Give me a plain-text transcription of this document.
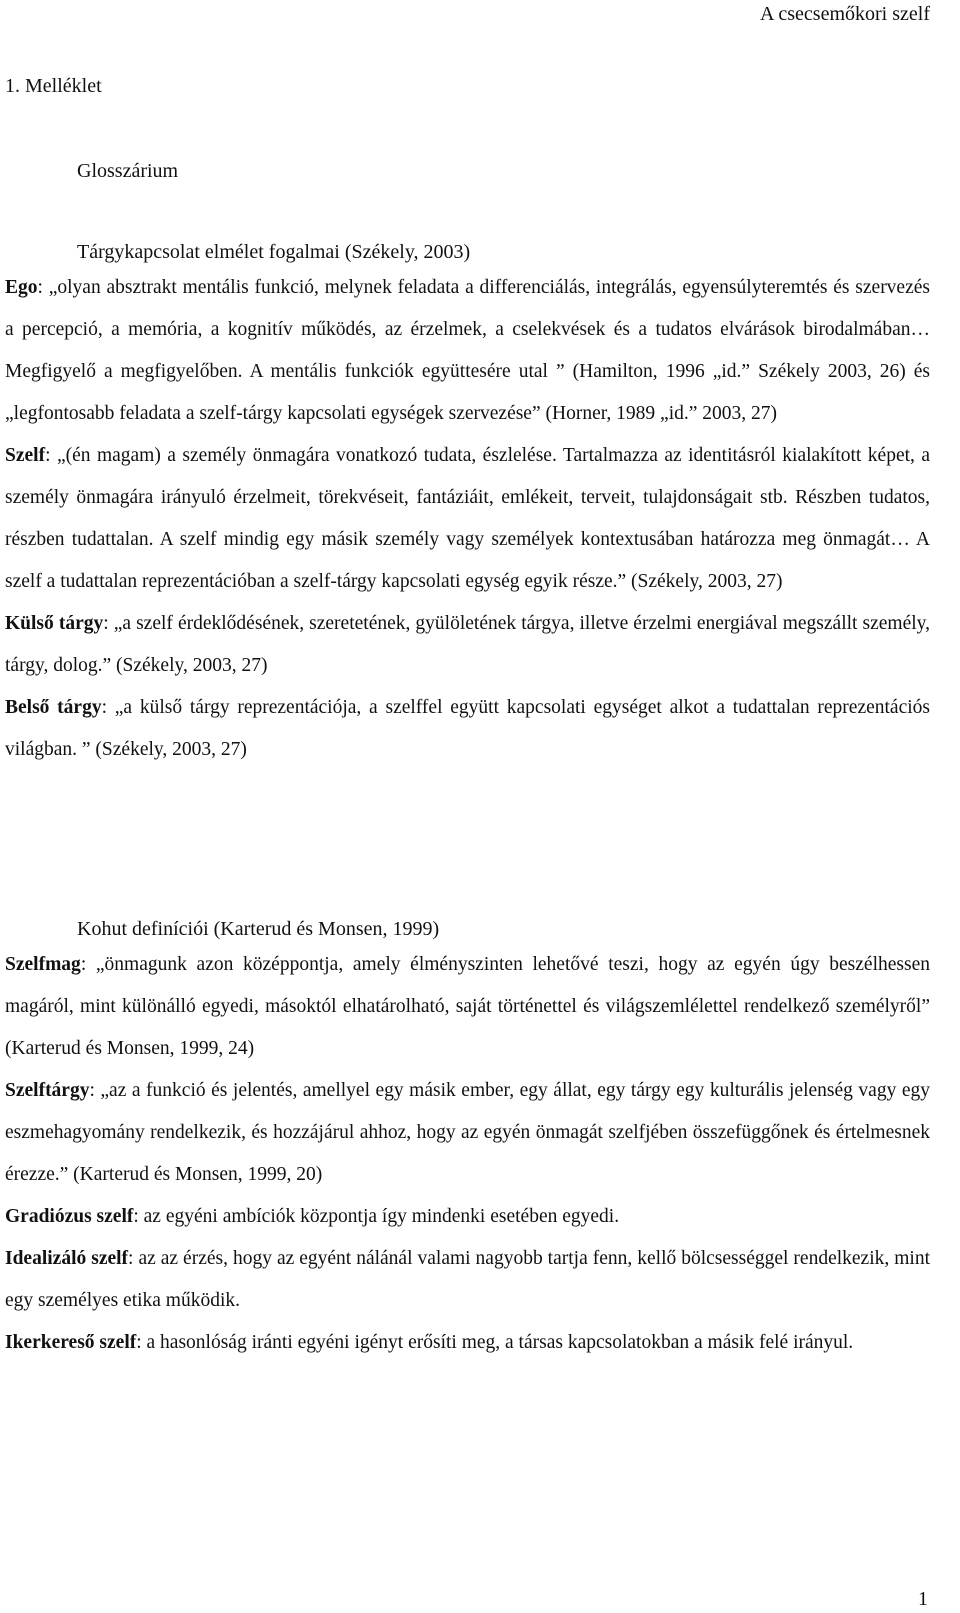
A csecsemőkori szelf
1. Melléklet
Glosszárium
Tárgykapcsolat elmélet fogalmai (Székely, 2003)

Ego: „olyan absztrakt mentális funkció, melynek feladata a differenciálás, integrálás, egyensúlyteremtés és szervezés a percepció, a memória, a kognitív működés, az érzelmek, a cselekvések és a tudatos elvárások birodalmában… Megfigyelő a megfigyelőben. A mentális funkciók együttesére utal ” (Hamilton, 1996 „id.” Székely 2003, 26) és „legfontosabb feladata a szelf-tárgy kapcsolati egységek szervezése” (Horner, 1989 „id.” 2003, 27)

Szelf: „(én magam) a személy önmagára vonatkozó tudata, észlelése. Tartalmazza az identitásról kialakított képet, a személy önmagára irányuló érzelmeit, törekvéseit, fantáziáit, emlékeit, terveit, tulajdonságait stb. Részben tudatos, részben tudattalan. A szelf mindig egy másik személy vagy személyek kontextusában határozza meg önmagát… A szelf a tudattalan reprezentációban a szelf-tárgy kapcsolati egység egyik része.” (Székely, 2003, 27)

Külső tárgy: „a szelf érdeklődésének, szeretetének, gyülöletének tárgya, illetve érzelmi energiával megszállt személy, tárgy, dolog.” (Székely, 2003, 27)

Belső tárgy: „a külső tárgy reprezentációja, a szelffel együtt kapcsolati egységet alkot a tudattalan reprezentációs világban. ” (Székely, 2003, 27)

Kohut definíciói (Karterud és Monsen, 1999)

Szelfmag: „önmagunk azon középpontja, amely élményszinten lehetővé teszi, hogy az egyén úgy beszélhessen magáról, mint különálló egyedi, másoktól elhatárolható, saját történettel és világszemlélettel rendelkező személyről” (Karterud és Monsen, 1999, 24)

Szelftárgy: „az a funkció és jelentés, amellyel egy másik ember, egy állat, egy tárgy egy kulturális jelenség vagy egy eszmehagyomány rendelkezik, és hozzájárul ahhoz, hogy az egyén önmagát szelfjében összefüggőnek és értelmesnek érezze.” (Karterud és Monsen, 1999, 20)

Gradiózus szelf: az egyéni ambíciók központja így mindenki esetében egyedi.

Idealizáló szelf: az az érzés, hogy az egyént nálánál valami nagyobb tartja fenn, kellő bölcsességgel rendelkezik, mint egy személyes etika működik.

Ikerkereső szelf: a hasonlóság iránti egyéni igényt erősíti meg, a társas kapcsolatokban a másik felé irányul.

1
